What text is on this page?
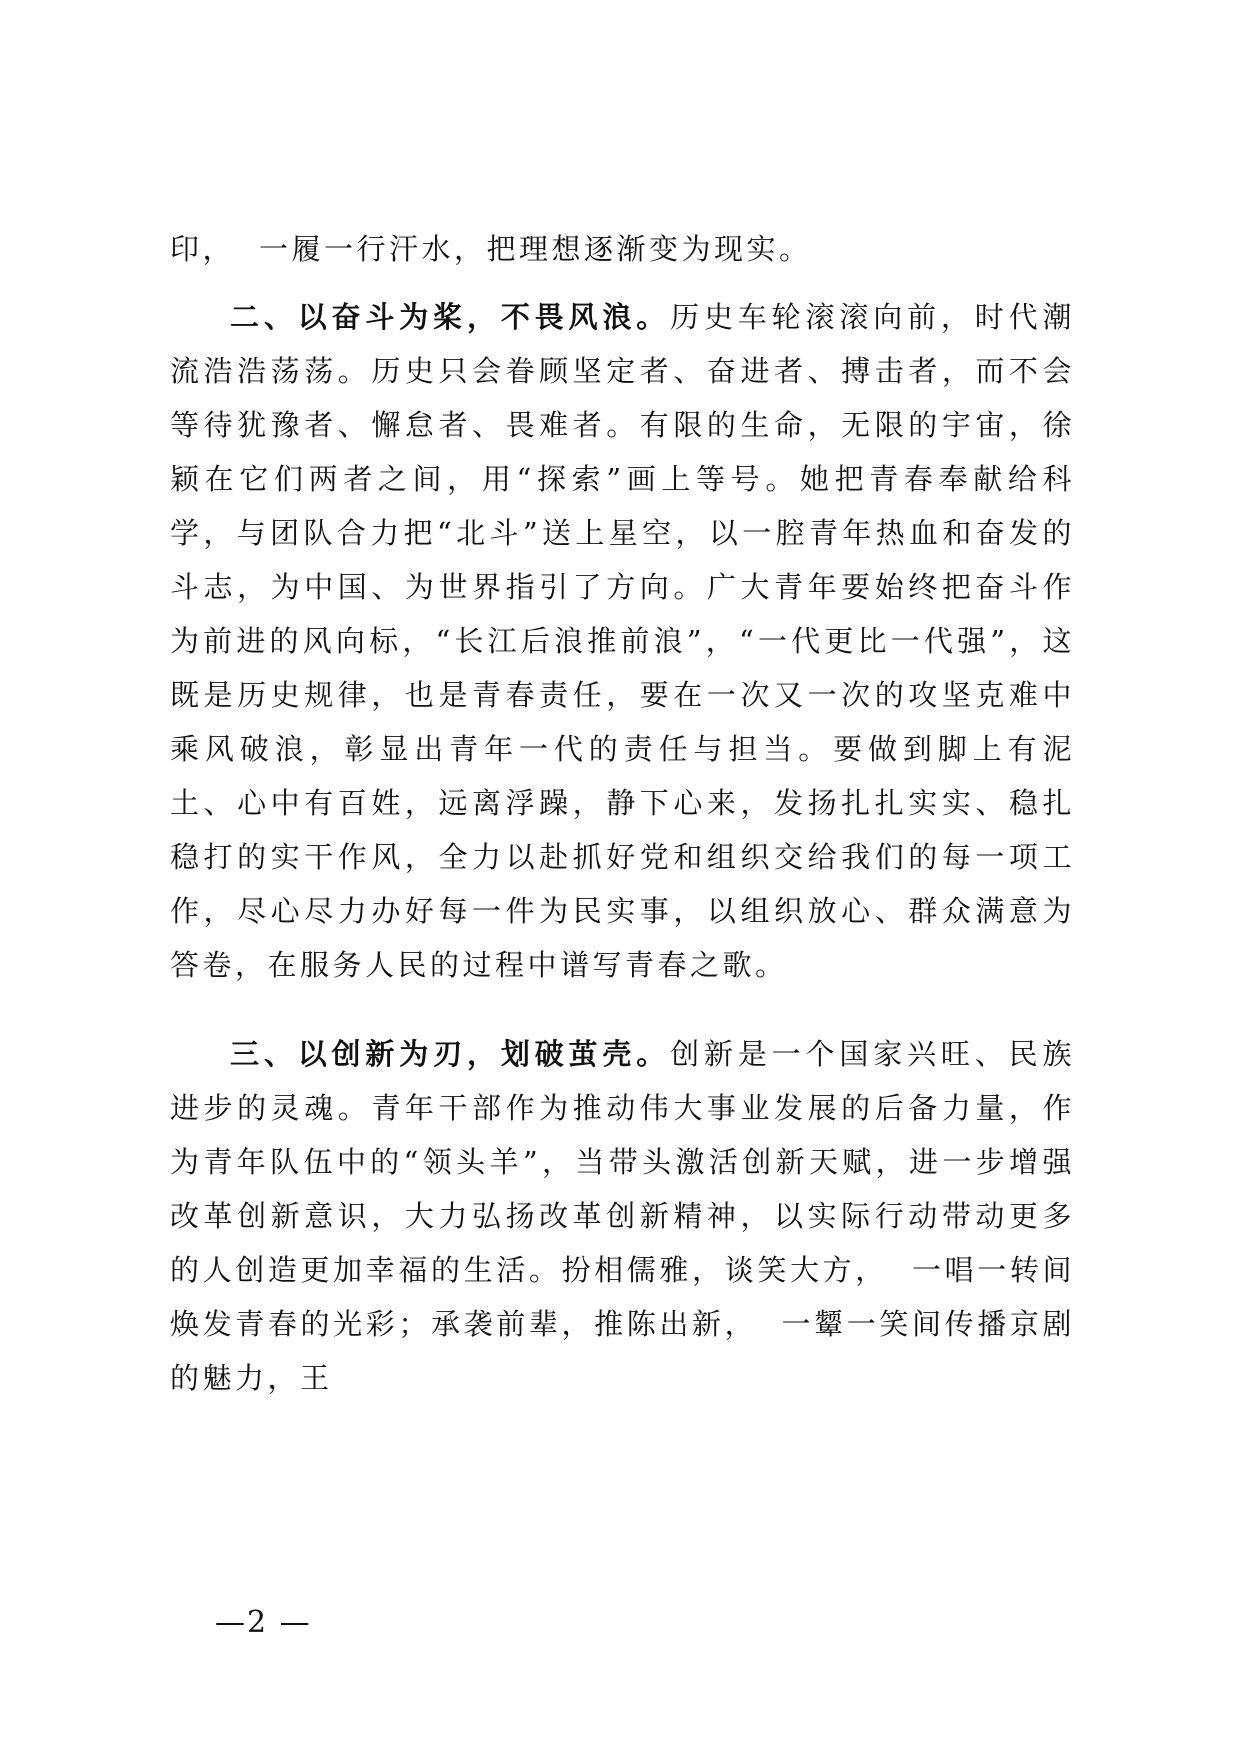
印， 一履一行汗水，把理想逐渐变为现实。

二、以奋斗为桨，不畏风浪。历史车轮滚滚向前，时代潮流浩浩荡荡。历史只会眷顾坚定者、奋进者、搏击者，而不会等待犹豫者、懈怠者、畏难者。有限的生命，无限的宇宙，徐颖在它们两者之间，用“探索”画上等号。她把青春奉献给科学，与团队合力把“北斗”送上星空，以一腔青年热血和奋发的斗志，为中国、为世界指引了方向。广大青年要始终把奋斗作为前进的风向标，“长江后浪推前浪”，“一代更比一代强”，这既是历史规律，也是青春责任，要在一次又一次的攻坚克难中乘风破浪，彰显出青年一代的责任与担当。要做到脚上有泥土、心中有百姓，远离浮躁，静下心来，发扬扎扎实实、稳扎稳打的实干作风，全力以赴抓好党和组织交给我们的每一项工作，尽心尽力办好每一件为民实事，以组织放心、群众满意为答卷，在服务人民的过程中谱写青春之歌。

三、以创新为刃，划破茧壳。创新是一个国家兴旺、民族进步的灵魂。青年干部作为推动伟大事业发展的后备力量，作为青年队伍中的“领头羊”，当带头激活创新天赋，进一步增强改革创新意识，大力弘扬改革创新精神，以实际行动带动更多的人创造更加幸福的生活。扮相儒雅，谈笑大方， 一唱一转间焕发青春的光彩；承袭前辈，推陈出新， 一颦一笑间传播京剧的魅力，王

—2 —
